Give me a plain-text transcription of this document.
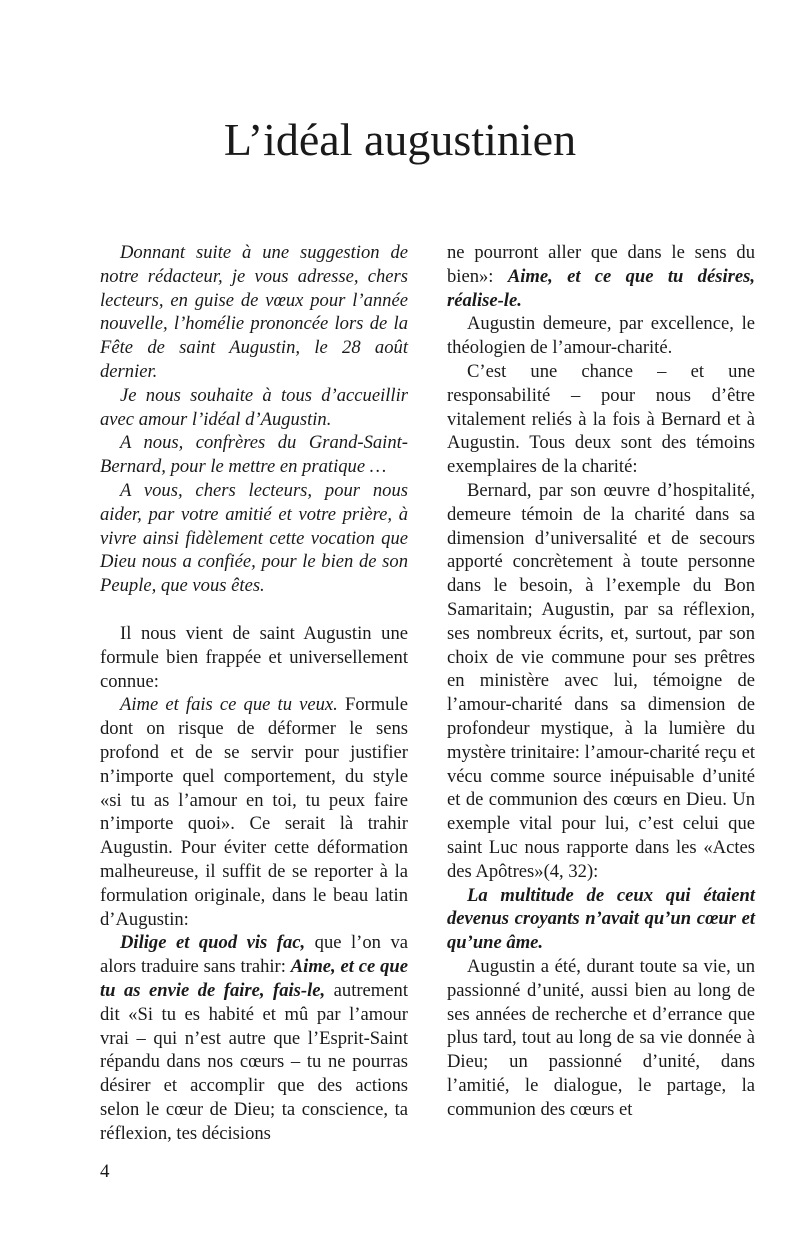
L’idéal augustinien

Donnant suite à une suggestion de notre rédacteur, je vous adresse, chers lecteurs, en guise de vœux pour l’année nouvelle, l’homélie prononcée lors de la Fête de saint Augustin, le 28 août dernier.

Je nous souhaite à tous d’accueillir avec amour l’idéal d’Augustin.

A nous, confrères du Grand-Saint-Bernard, pour le mettre en pratique …

A vous, chers lecteurs, pour nous aider, par votre amitié et votre prière, à vivre ainsi fidèlement cette vocation que Dieu nous a confiée, pour le bien de son Peuple, que vous êtes.

Il nous vient de saint Augustin une formule bien frappée et universellement connue:

Aime et fais ce que tu veux. Formule dont on risque de déformer le sens profond et de se servir pour justifier n’importe quel comportement, du style «si tu as l’amour en toi, tu peux faire n’importe quoi». Ce serait là trahir Augustin. Pour éviter cette déformation malheureuse, il suffit de se reporter à la formulation originale, dans le beau latin d’Augustin:

Dilige et quod vis fac, que l’on va alors traduire sans trahir: Aime, et ce que tu as envie de faire, fais-le, autrement dit «Si tu es habité et mû par l’amour vrai – qui n’est autre que l’Esprit-Saint répandu dans nos cœurs – tu ne pourras désirer et accomplir que des actions selon le cœur de Dieu; ta conscience, ta réflexion, tes décisions

ne pourront aller que dans le sens du bien»: Aime, et ce que tu désires, réalise-le.

Augustin demeure, par excellence, le théologien de l’amour-charité.

C’est une chance – et une responsabilité – pour nous d’être vitalement reliés à la fois à Bernard et à Augustin. Tous deux sont des témoins exemplaires de la charité:

Bernard, par son œuvre d’hospitalité, demeure témoin de la charité dans sa dimension d’universalité et de secours apporté concrètement à toute personne dans le besoin, à l’exemple du Bon Samaritain; Augustin, par sa réflexion, ses nombreux écrits, et, surtout, par son choix de vie commune pour ses prêtres en ministère avec lui, témoigne de l’amour-charité dans sa dimension de profondeur mystique, à la lumière du mystère trinitaire: l’amour-charité reçu et vécu comme source inépuisable d’unité et de communion des cœurs en Dieu. Un exemple vital pour lui, c’est celui que saint Luc nous rapporte dans les «Actes des Apôtres»(4, 32):

La multitude de ceux qui étaient devenus croyants n’avait qu’un cœur et qu’une âme.

Augustin a été, durant toute sa vie, un passionné d’unité, aussi bien au long de ses années de recherche et d’errance que plus tard, tout au long de sa vie donnée à Dieu; un passionné d’unité, dans l’amitié, le dialogue, le partage, la communion des cœurs et

4
